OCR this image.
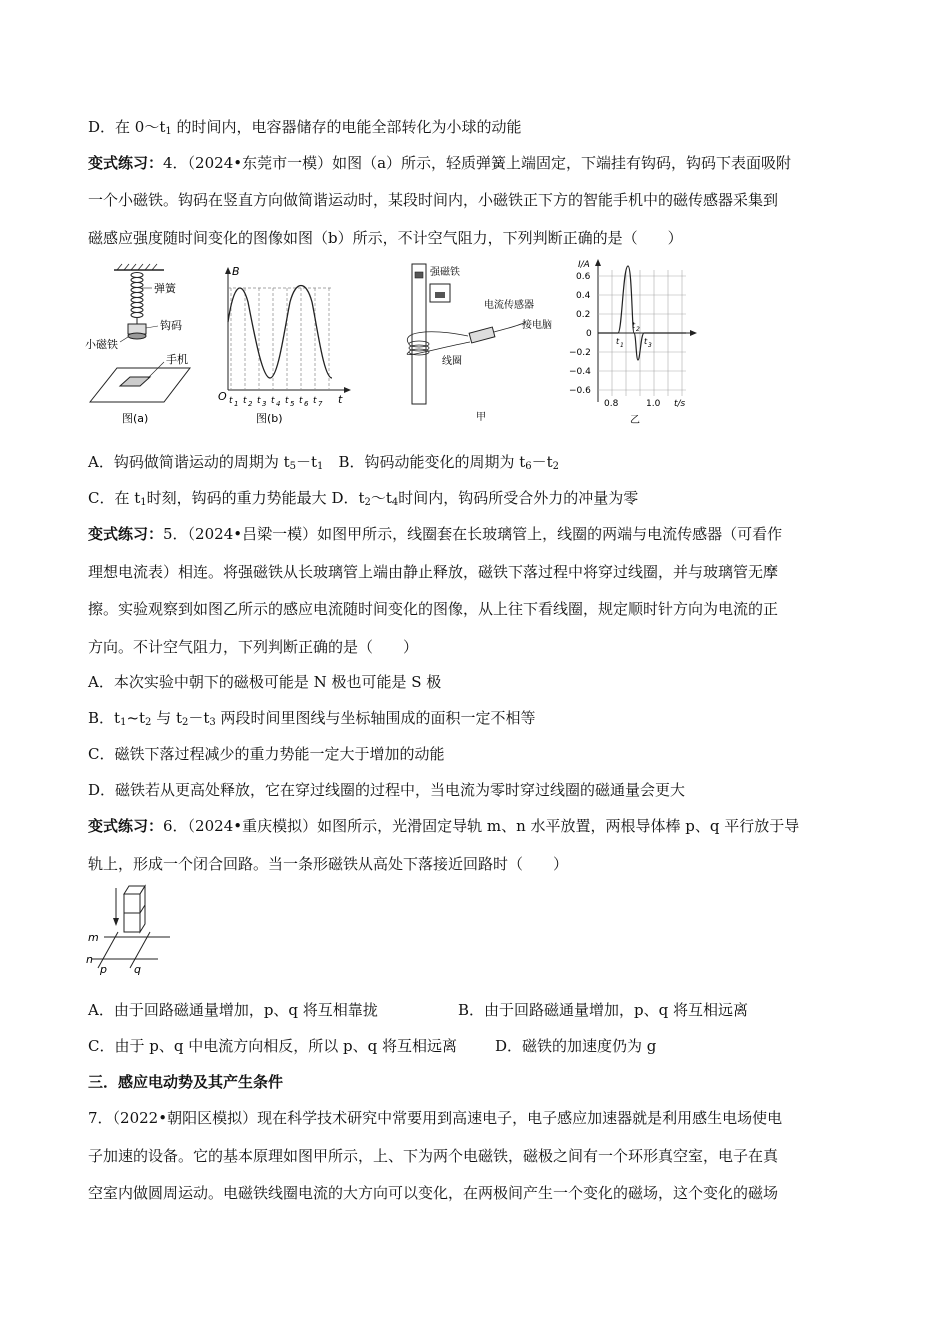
D．在 $0\sim t_1$ 的时间内，电容器储存的电能全部转化为小球的动能
变式练习：4．（2024•东莞市一模）如图（a）所示，轻质弹簧上端固定，下端挂有钩码，钩码下表面吸附
一个小磁铁。钩码在竖直方向做简谐运动时，某段时间内，小磁铁正下方的智能手机中的磁传感器采集到
磁感应强度随时间变化的图像如图（b）所示，不计空气阻力，下列判断正确的是（　　）
弹簧
钩码
小磁铁
手机
图(a)
B
O t 1 t 2 t 3 t 4 t 5 t 6 t 7 t
图(b)
强磁铁
电流传感器
接电脑
线圈
甲
I/A
0.6
0.4
0.2
0
−0.2
−0.4
−0.6
0.8	1.0 t/s
t 1
t 2
t 3
乙
A．钩码做简谐运动的周期为 $t_5-t_1$　 B．钩码动能变化的周期为 $t_6-t_2$
C．在 $t_1$时刻，钩码的重力势能最大 D．$t_2\sim t_4$时间内，钩码所受合外力的冲量为零
变式练习：5．（2024•吕梁一模）如图甲所示，线圈套在长玻璃管上，线圈的两端与电流传感器（可看作
理想电流表）相连。将强磁铁从长玻璃管上端由静止释放，磁铁下落过程中将穿过线圈，并与玻璃管无摩
擦。实验观察到如图乙所示的感应电流随时间变化的图像，从上往下看线圈，规定顺时针方向为电流的正
方向。不计空气阻力，下列判断正确的是（　　）
A．本次实验中朝下的磁极可能是 N 极也可能是 S 极
B．$t_1\sim t_2$ 与 $t_2-t_3$ 两段时间里图线与坐标轴围成的面积一定不相等
C．磁铁下落过程减少的重力势能一定大于增加的动能
D．磁铁若从更高处释放，它在穿过线圈的过程中，当电流为零时穿过线圈的磁通量会更大
变式练习：6．（2024•重庆模拟）如图所示，光滑固定导轨 m、n 水平放置，两根导体棒 p、q 平行放于导
轨上，形成一个闭合回路。当一条形磁铁从高处下落接近回路时（　　）
m
n
p q
A．由于回路磁通量增加，p、q 将互相靠拢	B．由于回路磁通量增加，p、q 将互相远离
C．由于 p、q 中电流方向相反，所以 p、q 将互相远离	D．磁铁的加速度仍为 g
三．感应电动势及其产生条件
7．（2022•朝阳区模拟）现在科学技术研究中常要用到高速电子，电子感应加速器就是利用感生电场使电
子加速的设备。它的基本原理如图甲所示，上、下为两个电磁铁，磁极之间有一个环形真空室，电子在真
空室内做圆周运动。电磁铁线圈电流的大方向可以变化，在两极间产生一个变化的磁场，这个变化的磁场
